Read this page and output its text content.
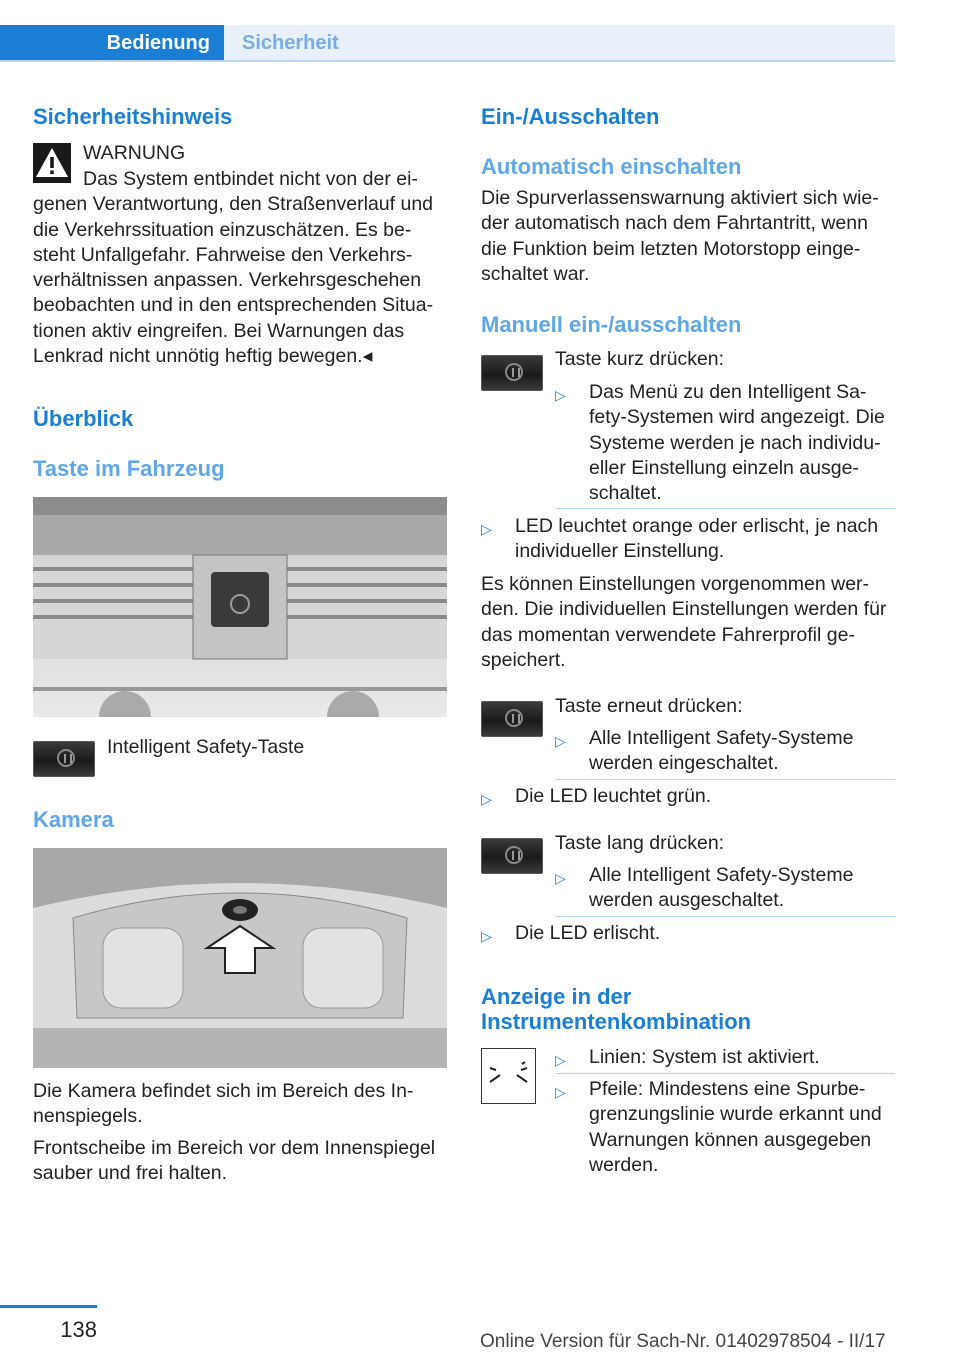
Bedienung	Sicherheit
Sicherheitshinweis
WARNUNG
Das System entbindet nicht von der ei-genen Verantwortung, den Straßenverlauf und die Verkehrssituation einzuschätzen. Es be-steht Unfallgefahr. Fahrweise den Verkehrs-verhältnissen anpassen. Verkehrsgeschehen beobachten und in den entsprechenden Situa-tionen aktiv eingreifen. Bei Warnungen das Lenkrad nicht unnötig heftig bewegen.◂
Überblick
Taste im Fahrzeug
Intelligent Safety-Taste
Kamera
Die Kamera befindet sich im Bereich des In-nenspiegels.
Frontscheibe im Bereich vor dem Innenspiegel sauber und frei halten.
Ein-/Ausschalten
Automatisch einschalten
Die Spurverlassenswarnung aktiviert sich wie-der automatisch nach dem Fahrtantritt, wenn die Funktion beim letzten Motorstopp einge-schaltet war.
Manuell ein-/ausschalten
Taste kurz drücken:
▷	Das Menü zu den Intelligent Sa-fety-Systemen wird angezeigt. Die Systeme werden je nach individu-eller Einstellung einzeln ausge-schaltet.
▷	LED leuchtet orange oder erlischt, je nach individueller Einstellung.
Es können Einstellungen vorgenommen wer-den. Die individuellen Einstellungen werden für das momentan verwendete Fahrerprofil ge-speichert.
Taste erneut drücken:
▷	Alle Intelligent Safety-Systeme werden eingeschaltet.
▷	Die LED leuchtet grün.
Taste lang drücken:
▷	Alle Intelligent Safety-Systeme werden ausgeschaltet.
▷	Die LED erlischt.
Anzeige in der Instrumentenkombination
▷	Linien: System ist aktiviert.
▷	Pfeile: Mindestens eine Spurbe-grenzungslinie wurde erkannt und Warnungen können ausgegeben werden.
138	Online Version für Sach-Nr. 01402978504 - II/17
